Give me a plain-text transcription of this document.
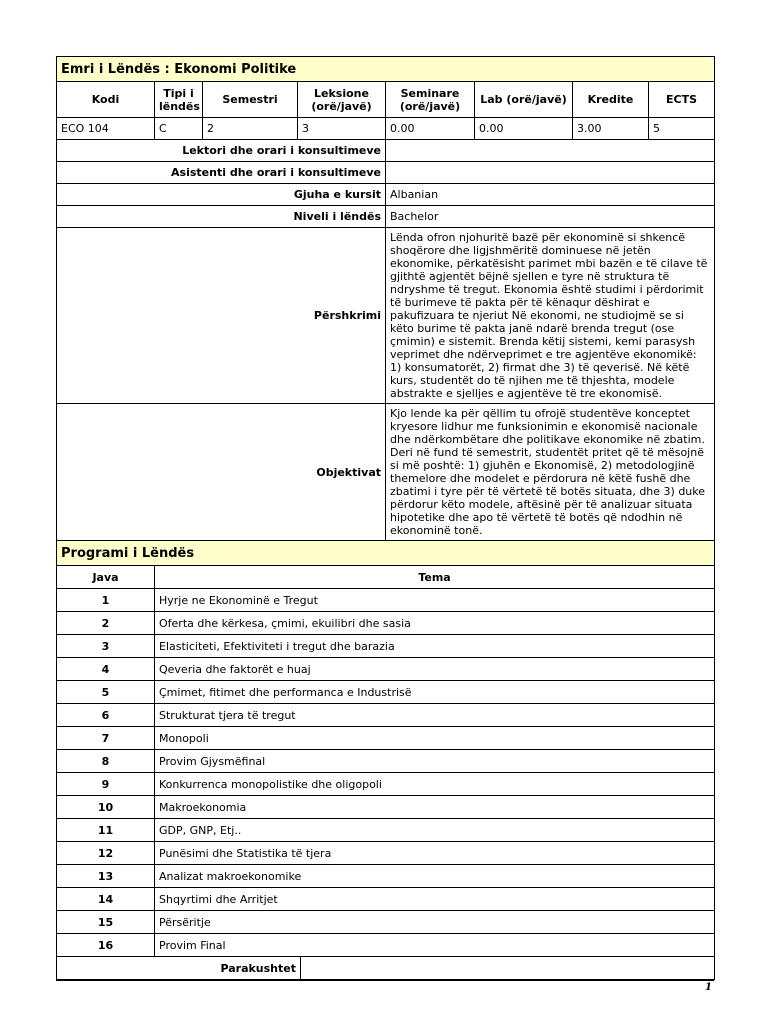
Emri i Lëndës : Ekonomi Politike							
Kodi	Tipi i lëndës	Semestri	Leksione (orë/javë)	Seminare (orë/javë)	Lab (orë/javë)	Kredite	ECTS
ECO 104	C	2	3	0.00	0.00	3.00	5
Lektori dhe orari i konsultimeve							
Asistenti dhe orari i konsultimeve							
Gjuha e kursit				Albanian			
Niveli i lëndës				Bachelor			
Përshkrimi				Lënda ofron njohuritë bazë për ekonominë si shkencë shoqërore dhe ligjshmëritë dominuese në jetën ekonomike, përkatësisht parimet mbi bazën e të cilave të gjithtë agjentët bëjnë sjellen e tyre në struktura të ndryshme të tregut. Ekonomia është studimi i përdorimit të burimeve të pakta për të kënaqur dëshirat e pakufizuara te njeriut Në ekonomi, ne studiojmë se si këto burime të pakta janë ndarë brenda tregut (ose çmimin) e sistemit. Brenda këtij sistemi, kemi parasysh veprimet dhe ndërveprimet e tre agjentëve ekonomikë: 1) konsumatorët, 2) firmat dhe 3) të qeverisë. Në këtë kurs, studentët do të njihen me të thjeshta, modele abstrakte e sjelljes e agjentëve të tre ekonomisë.			
Objektivat				Kjo lende ka për qëllim tu ofrojë studentëve konceptet kryesore lidhur me funksionimin e ekonomisë nacionale dhe ndërkombëtare dhe politikave ekonomike në zbatim. Deri në fund të semestrit, studentët pritet që të mësojnë si më poshtë: 1) gjuhën e Ekonomisë, 2) metodologjinë themelore dhe modelet e përdorura në këtë fushë dhe zbatimi i tyre për të vërtetë të botës situata, dhe 3) duke përdorur këto modele, aftësinë për të analizuar situata hipotetike dhe apo të vërtetë të botës që ndodhin në ekonominë tonë.			
Programi i Lëndës		
Java	Tema	
1	Hyrje ne Ekonominë e Tregut	
2	Oferta dhe kërkesa, çmimi, ekuilibri dhe sasia	
3	Elasticiteti, Efektiviteti i tregut dhe barazia	
4	Qeveria dhe faktorët e huaj	
5	Çmimet, fitimet dhe performanca e Industrisë	
6	Strukturat tjera të tregut	
7	Monopoli	
8	Provim Gjysmëfinal	
9	Konkurrenca monopolistike dhe oligopoli	
10	Makroekonomia	
11	GDP, GNP, Etj..	
12	Punësimi dhe Statistika të tjera	
13	Analizat makroekonomike	
14	Shqyrtimi dhe Arritjet	
15	Përsëritje	
16	Provim Final	
Parakushtet		
1
